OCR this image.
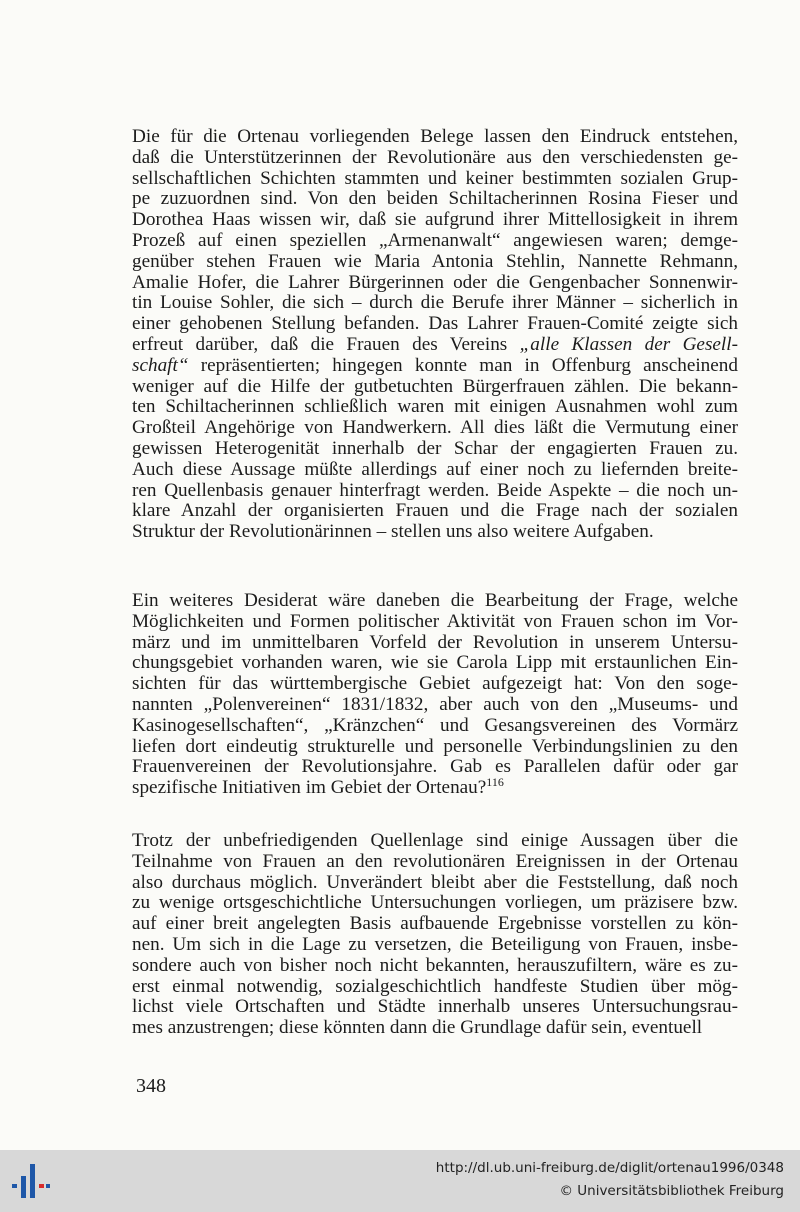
Die für die Ortenau vorliegenden Belege lassen den Eindruck entstehen,
daß die Unterstützerinnen der Revolutionäre aus den verschiedensten ge-
sellschaftlichen Schichten stammten und keiner bestimmten sozialen Grup-
pe zuzuordnen sind. Von den beiden Schiltacherinnen Rosina Fieser und
Dorothea Haas wissen wir, daß sie aufgrund ihrer Mittellosigkeit in ihrem
Prozeß auf einen speziellen „Armenanwalt“ angewiesen waren; demge-
genüber stehen Frauen wie Maria Antonia Stehlin, Nannette Rehmann,
Amalie Hofer, die Lahrer Bürgerinnen oder die Gengenbacher Sonnenwir-
tin Louise Sohler, die sich – durch die Berufe ihrer Männer – sicherlich in
einer gehobenen Stellung befanden. Das Lahrer Frauen-Comité zeigte sich
erfreut darüber, daß die Frauen des Vereins „alle Klassen der Gesell-
schaft“ repräsentierten; hingegen konnte man in Offenburg anscheinend
weniger auf die Hilfe der gutbetuchten Bürgerfrauen zählen. Die bekann-
ten Schiltacherinnen schließlich waren mit einigen Ausnahmen wohl zum
Großteil Angehörige von Handwerkern. All dies läßt die Vermutung einer
gewissen Heterogenität innerhalb der Schar der engagierten Frauen zu.
Auch diese Aussage müßte allerdings auf einer noch zu liefernden breite-
ren Quellenbasis genauer hinterfragt werden. Beide Aspekte – die noch un-
klare Anzahl der organisierten Frauen und die Frage nach der sozialen
Struktur der Revolutionärinnen – stellen uns also weitere Aufgaben.
Ein weiteres Desiderat wäre daneben die Bearbeitung der Frage, welche
Möglichkeiten und Formen politischer Aktivität von Frauen schon im Vor-
märz und im unmittelbaren Vorfeld der Revolution in unserem Untersu-
chungsgebiet vorhanden waren, wie sie Carola Lipp mit erstaunlichen Ein-
sichten für das württembergische Gebiet aufgezeigt hat: Von den soge-
nannten „Polenvereinen“ 1831/1832, aber auch von den „Museums- und
Kasinogesellschaften“, „Kränzchen“ und Gesangsvereinen des Vormärz
liefen dort eindeutig strukturelle und personelle Verbindungslinien zu den
Frauenvereinen der Revolutionsjahre. Gab es Parallelen dafür oder gar
spezifische Initiativen im Gebiet der Ortenau?$^{116}$
Trotz der unbefriedigenden Quellenlage sind einige Aussagen über die
Teilnahme von Frauen an den revolutionären Ereignissen in der Ortenau
also durchaus möglich. Unverändert bleibt aber die Feststellung, daß noch
zu wenige ortsgeschichtliche Untersuchungen vorliegen, um präzisere bzw.
auf einer breit angelegten Basis aufbauende Ergebnisse vorstellen zu kön-
nen. Um sich in die Lage zu versetzen, die Beteiligung von Frauen, insbe-
sondere auch von bisher noch nicht bekannten, herauszufiltern, wäre es zu-
erst einmal notwendig, sozialgeschichtlich handfeste Studien über mög-
lichst viele Ortschaften und Städte innerhalb unseres Untersuchungsrau-
mes anzustrengen; diese könnten dann die Grundlage dafür sein, eventuell
348
http://dl.ub.uni-freiburg.de/diglit/ortenau1996/0348
© Universitätsbibliothek Freiburg
